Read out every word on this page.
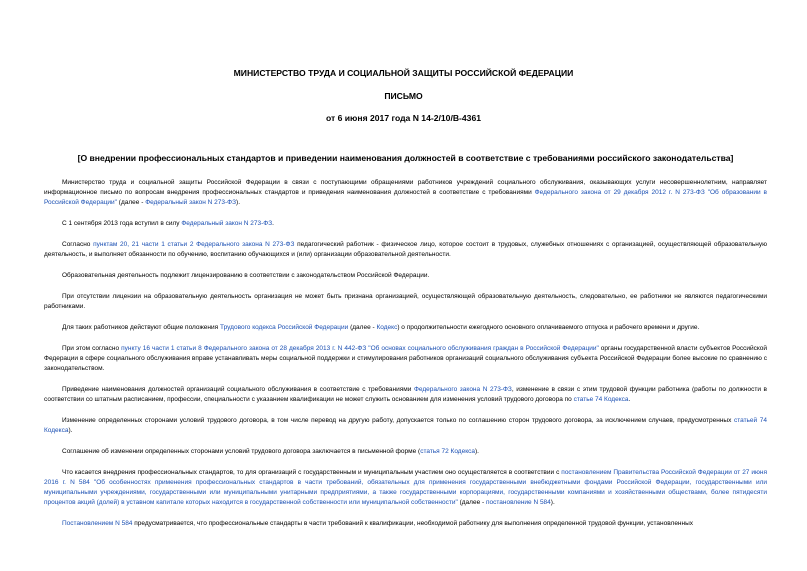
МИНИСТЕРСТВО ТРУДА И СОЦИАЛЬНОЙ ЗАЩИТЫ РОССИЙСКОЙ ФЕДЕРАЦИИ
ПИСЬМО
от 6 июня 2017 года N 14-2/10/В-4361
[О внедрении профессиональных стандартов и приведении наименования должностей в соответствие с требованиями российского законодательства]

Министерство труда и социальной защиты Российской Федерации в связи с поступающими обращениями работников учреждений социального обслуживания, оказывающих услуги несовершеннолетним, направляет информационное письмо по вопросам внедрения профессиональных стандартов и приведения наименования должностей в соответствие с требованиями Федерального закона от 29 декабря 2012 г. N 273-ФЗ "Об образовании в Российской Федерации" (далее - Федеральный закон N 273-ФЗ).

С 1 сентября 2013 года вступил в силу Федеральный закон N 273-ФЗ.

Согласно пунктам 20, 21 части 1 статьи 2 Федерального закона N 273-ФЗ педагогический работник - физическое лицо, которое состоит в трудовых, служебных отношениях с организацией, осуществляющей образовательную деятельность, и выполняет обязанности по обучению, воспитанию обучающихся и (или) организации образовательной деятельности.

Образовательная деятельность подлежит лицензированию в соответствии с законодательством Российской Федерации.

При отсутствии лицензии на образовательную деятельность организация не может быть признана организацией, осуществляющей образовательную деятельность, следовательно, ее работники не являются педагогическими работниками.

Для таких работников действуют общие положения Трудового кодекса Российской Федерации (далее - Кодекс) о продолжительности ежегодного основного оплачиваемого отпуска и рабочего времени и другие.

При этом согласно пункту 16 части 1 статьи 8 Федерального закона от 28 декабря 2013 г. N 442-ФЗ "Об основах социального обслуживания граждан в Российской Федерации" органы государственной власти субъектов Российской Федерации в сфере социального обслуживания вправе устанавливать меры социальной поддержки и стимулирования работников организаций социального обслуживания субъекта Российской Федерации более высокие по сравнению с законодательством.

Приведение наименования должностей организаций социального обслуживания в соответствие с требованиями Федерального закона N 273-ФЗ, изменение в связи с этим трудовой функции работника (работы по должности в соответствии со штатным расписанием, профессии, специальности с указанием квалификации не может служить основанием для изменения условий трудового договора по статье 74 Кодекса.

Изменение определенных сторонами условий трудового договора, в том числе перевод на другую работу, допускается только по соглашению сторон трудового договора, за исключением случаев, предусмотренных статьей 74 Кодекса).

Соглашение об изменении определенных сторонами условий трудового договора заключается в письменной форме (статья 72 Кодекса).

Что касается внедрения профессиональных стандартов, то для организаций с государственным и муниципальным участием оно осуществляется в соответствии с постановлением Правительства Российской Федерации от 27 июня 2016 г. N 584 "Об особенностях применения профессиональных стандартов в части требований, обязательных для применения государственными внебюджетными фондами Российской Федерации, государственными или муниципальными учреждениями, государственными или муниципальными унитарными предприятиями, а также государственными корпорациями, государственными компаниями и хозяйственными обществами, более пятидесяти процентов акций (долей) в уставном капитале которых находится в государственной собственности или муниципальной собственности" (далее - постановление N 584).

Постановлением N 584 предусматривается, что профессиональные стандарты в части требований к квалификации, необходимой работнику для выполнения определенной трудовой функции, установленных
